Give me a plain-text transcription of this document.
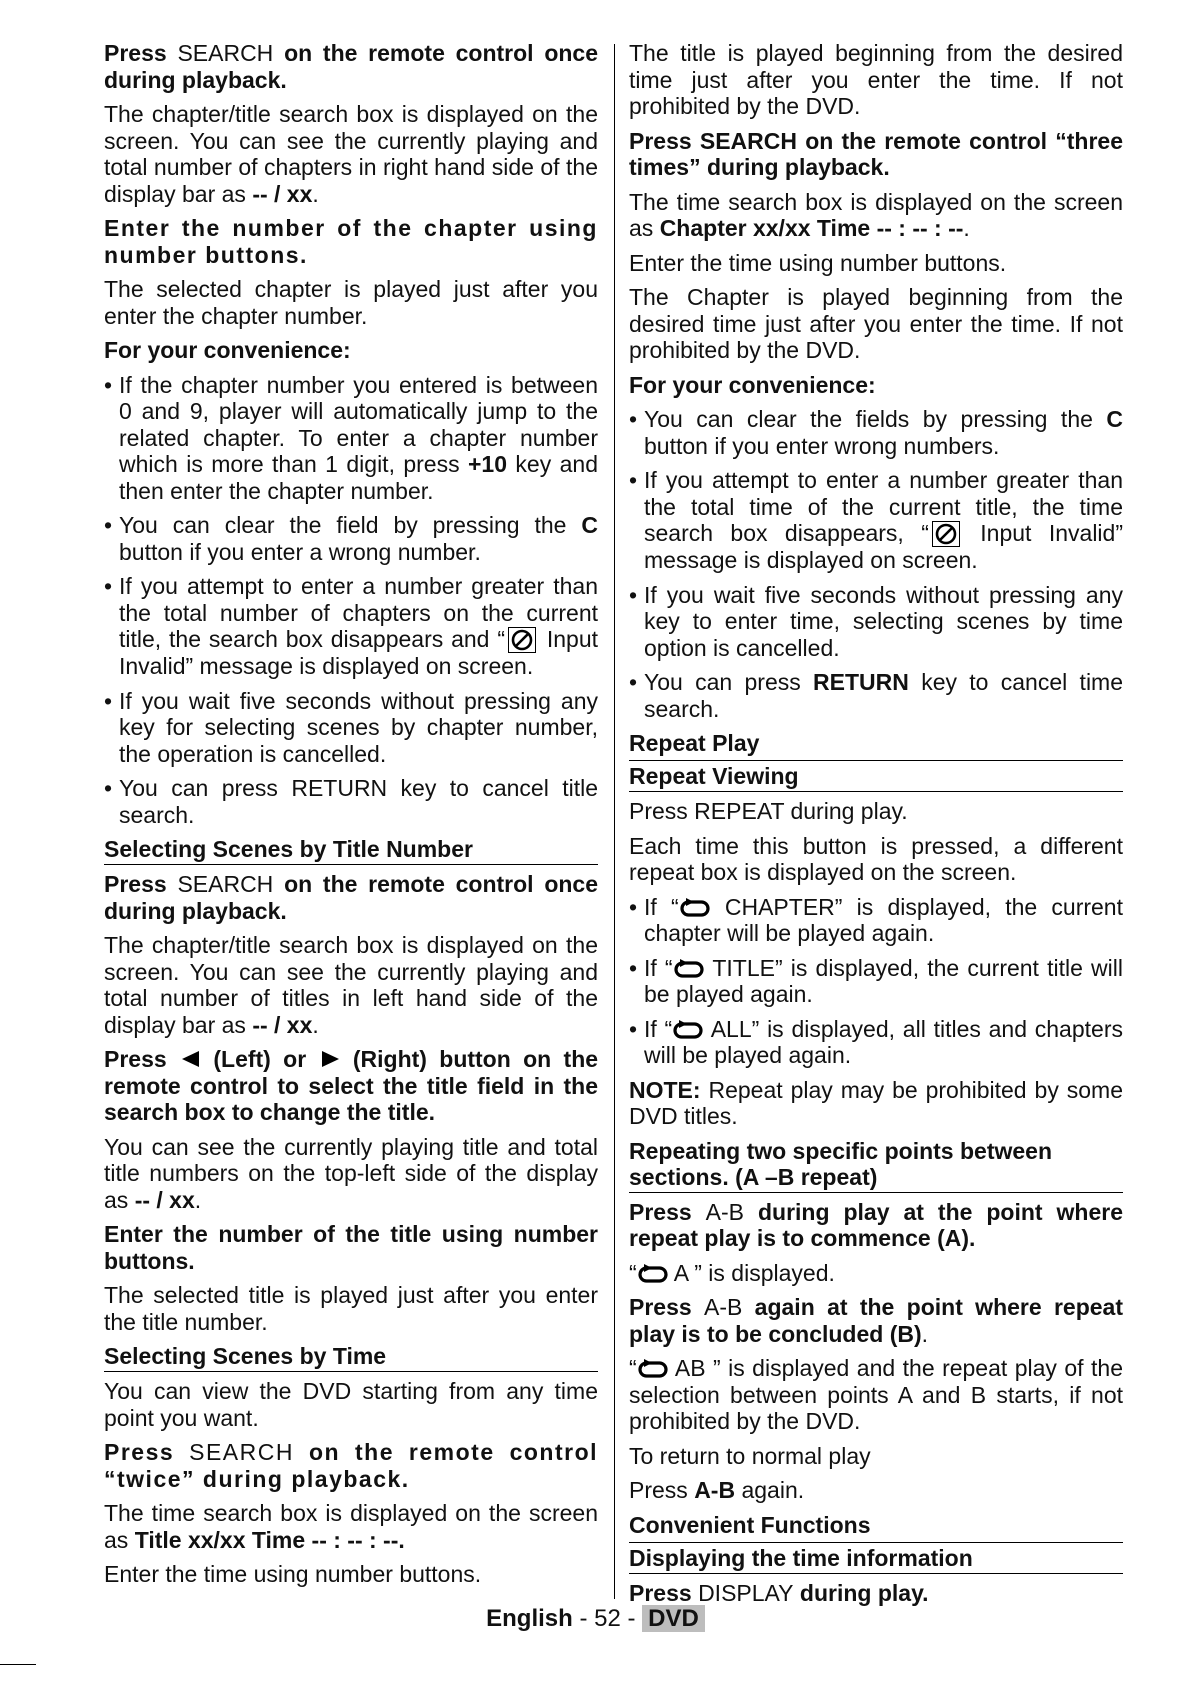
Press SEARCH on the remote control once during playback.
The chapter/title search box is displayed on the screen. You can see the currently playing and total number of chapters in right hand side of the display bar as -- / xx.
Enter the number of the chapter using number buttons.
The selected chapter is played just after you enter the chapter number.
For your convenience:
• If the chapter number you entered is between 0 and 9, player will automatically jump to the related chapter. To enter a chapter number which is more than 1 digit, press +10 key and then enter the chapter number.
• You can clear the field by pressing the C button if you enter a wrong number.
• If you attempt to enter a number greater than the total number of chapters on the current title, the search box disappears and “ Input Invalid” message is displayed on screen.
• If you wait five seconds without pressing any key for selecting scenes by chapter number, the operation is cancelled.
• You can press RETURN key to cancel title search.
Selecting Scenes by Title Number
Press SEARCH on the remote control once during playback.
The chapter/title search box is displayed on the screen. You can see the currently playing and total number of titles in left hand side of the display bar as -- / xx.
Press (Left) or (Right) button on the remote control to select the title field in the search box to change the title.
You can see the currently playing title and total title numbers on the top-left side of the display as -- / xx.
Enter the number of the title using number buttons.
The selected title is played just after you enter the title number.
Selecting Scenes by Time
You can view the DVD starting from any time point you want.
Press SEARCH on the remote control “twice” during playback.
The time search box is displayed on the screen as Title xx/xx Time -- : -- : --.
Enter the time using number buttons.
The title is played beginning from the desired time just after you enter the time. If not prohibited by the DVD.
Press SEARCH on the remote control “three times” during playback.
The time search box is displayed on the screen as Chapter xx/xx Time -- : -- : --.
Enter the time using number buttons.
The Chapter is played beginning from the desired time just after you enter the time. If not prohibited by the DVD.
For your convenience:
• You can clear the fields by pressing the C button if you enter wrong numbers.
• If you attempt to enter a number greater than the total time of the current title, the time search box disappears, “ Input Invalid” message is displayed on screen.
• If you wait five seconds without pressing any key to enter time, selecting scenes by time option is cancelled.
• You can press RETURN key to cancel time search.
Repeat Play
Repeat Viewing
Press REPEAT during play.
Each time this button is pressed, a different repeat box is displayed on the screen.
• If “ CHAPTER” is displayed, the current chapter will be played again.
• If “ TITLE” is displayed, the current title will be played again.
• If “ ALL” is displayed, all titles and chapters will be played again.
NOTE: Repeat play may be prohibited by some DVD titles.
Repeating two specific points between sections. (A –B repeat)
Press A-B during play at the point where repeat play is to commence (A).
“ A ” is displayed.
Press A-B again at the point where repeat play is to be concluded (B).
“ AB ” is displayed and the repeat play of the selection between points A and B starts, if not prohibited by the DVD.
To return to normal play
Press A-B again.
Convenient Functions
Displaying the time information
Press DISPLAY during play.
English - 52 - DVD
